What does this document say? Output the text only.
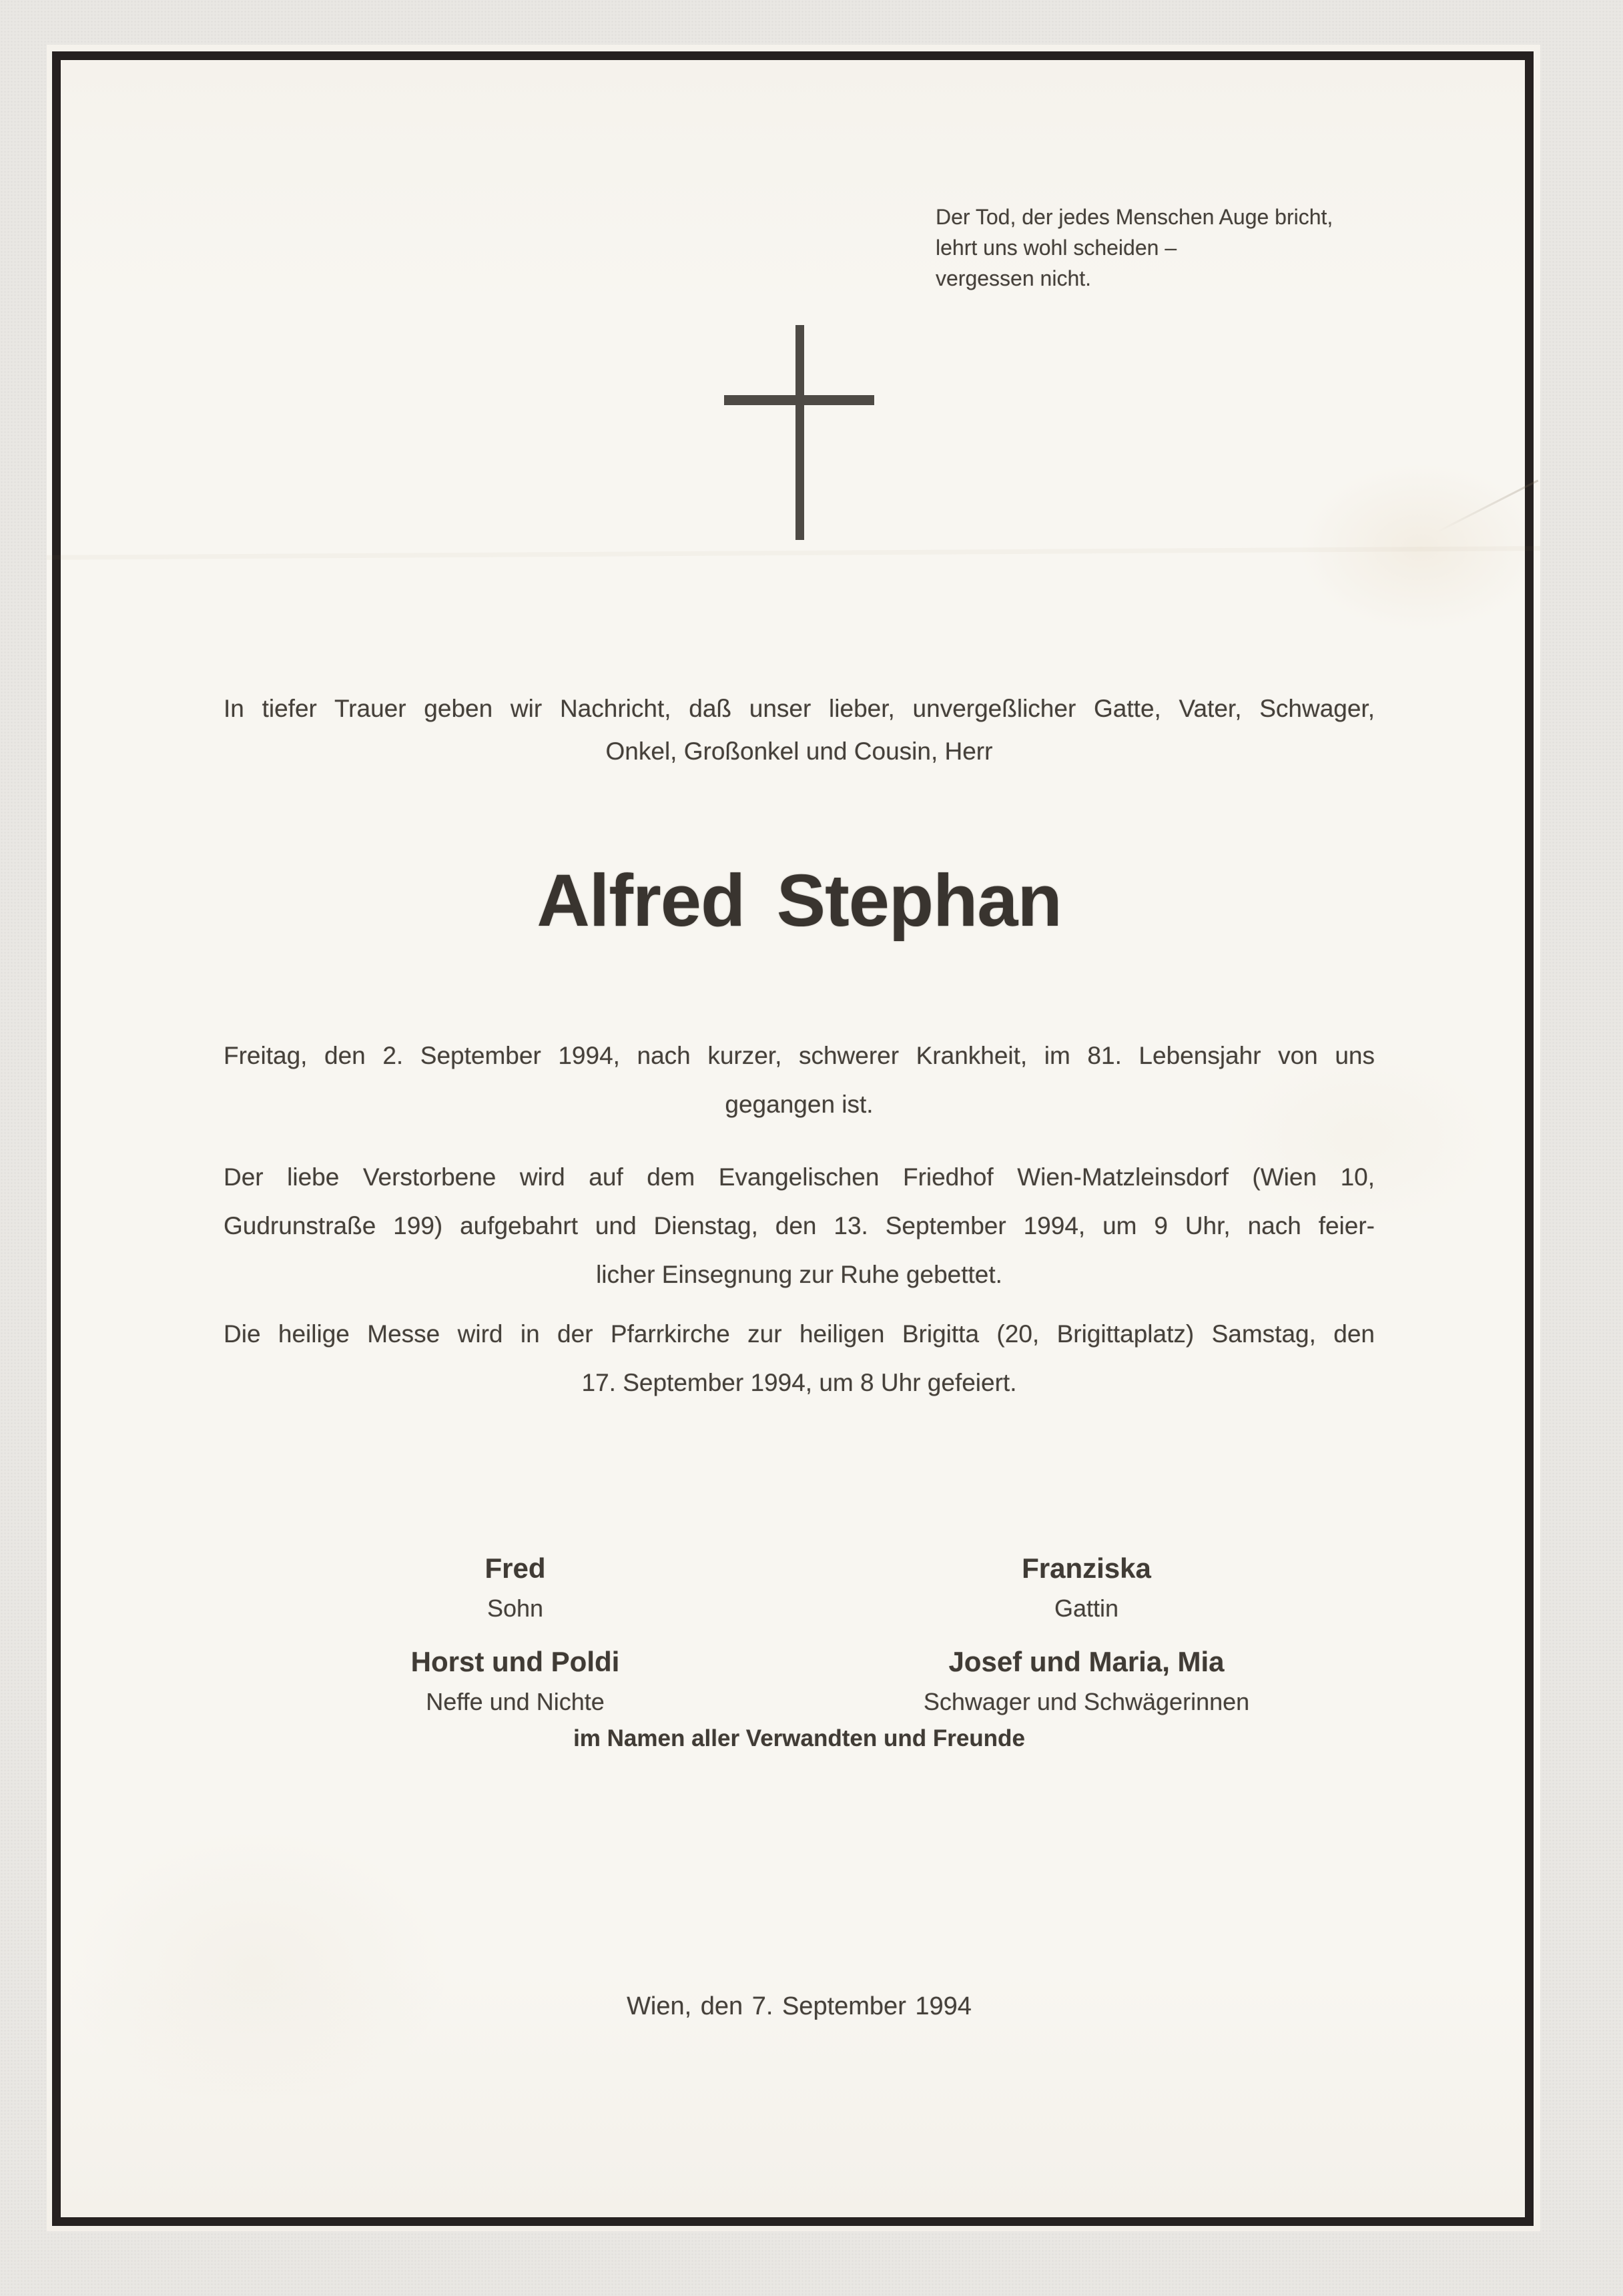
Der Tod, der jedes Menschen Auge bricht,
lehrt uns wohl scheiden –
vergessen nicht.
In tiefer Trauer geben wir Nachricht, daß unser lieber, unvergeßlicher Gatte, Vater, Schwager,
Onkel, Großonkel und Cousin, Herr
Alfred Stephan
Freitag, den 2. September 1994, nach kurzer, schwerer Krankheit, im 81. Lebensjahr von uns
gegangen ist.
Der liebe Verstorbene wird auf dem Evangelischen Friedhof Wien-Matzleinsdorf (Wien 10,
Gudrunstraße 199) aufgebahrt und Dienstag, den 13. September 1994, um 9 Uhr, nach feier-
licher Einsegnung zur Ruhe gebettet.
Die heilige Messe wird in der Pfarrkirche zur heiligen Brigitta (20, Brigittaplatz) Samstag, den
17. September 1994, um 8 Uhr gefeiert.
Fred
Sohn
Horst und Poldi
Neffe und Nichte
Franziska
Gattin
Josef und Maria, Mia
Schwager und Schwägerinnen
im Namen aller Verwandten und Freunde
Wien, den 7. September 1994
